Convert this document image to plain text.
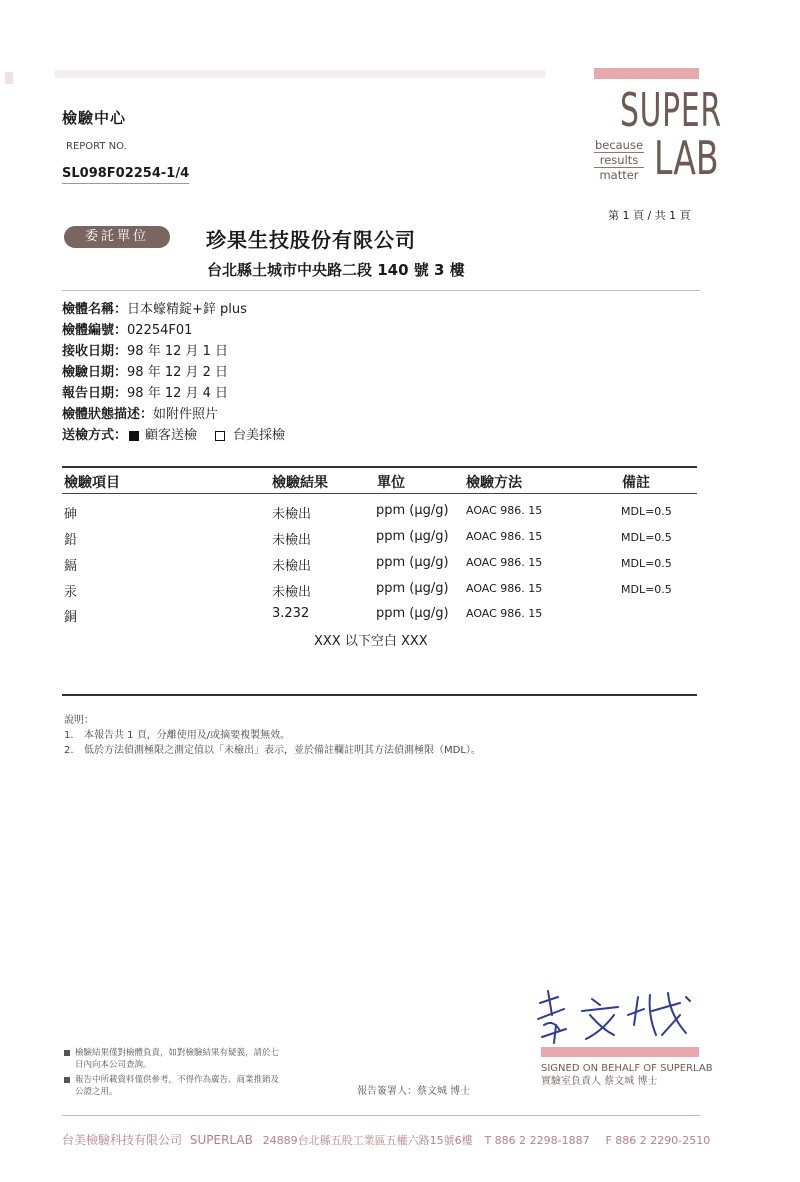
SUPER
LAB
because
results
matter
檢驗中心
REPORT NO.
SL098F02254-1/4
第 1 頁 / 共 1 頁
委託單位	珍果生技股份有限公司
台北縣土城市中央路二段 140 號 3 樓
檢體名稱：日本蠔精錠+鋅 plus
檢體編號：02254F01
接收日期：98 年 12 月 1 日
檢驗日期：98 年 12 月 2 日
報告日期：98 年 12 月 4 日
檢體狀態描述：如附件照片
送檢方式： 顧客送檢	台美採檢
檢驗項目	檢驗結果	單位	檢驗方法	備註
砷	未檢出	ppm (μg/g) AOAC 986. 15	MDL=0.5
鉛	未檢出	ppm (μg/g) AOAC 986. 15	MDL=0.5
鎘	未檢出	ppm (μg/g) AOAC 986. 15	MDL=0.5
汞	未檢出	ppm (μg/g) AOAC 986. 15	MDL=0.5
銅	3.232	ppm (μg/g) AOAC 986. 15
XXX 以下空白 XXX
說明：
1.	本報告共 1 頁，分離使用及/或摘要複製無效。
2.	低於方法偵測極限之測定值以「未檢出」表示，並於備註欄註明其方法偵測極限（MDL）。
SIGNED ON BEHALF OF SUPERLAB
實驗室負責人 蔡文城 博士
報告簽署人：蔡文城 博士
檢驗結果僅對檢體負責，如對檢驗結果有疑義，請於七日內向本公司查詢。
報告中所載資料僅供參考，不得作為廣告、商業推銷及公證之用。
台美檢驗科技有限公司 SUPERLAB 24889台北縣五股工業區五權六路15號6樓 T 886 2 2298-1887 F 886 2 2290-2510
